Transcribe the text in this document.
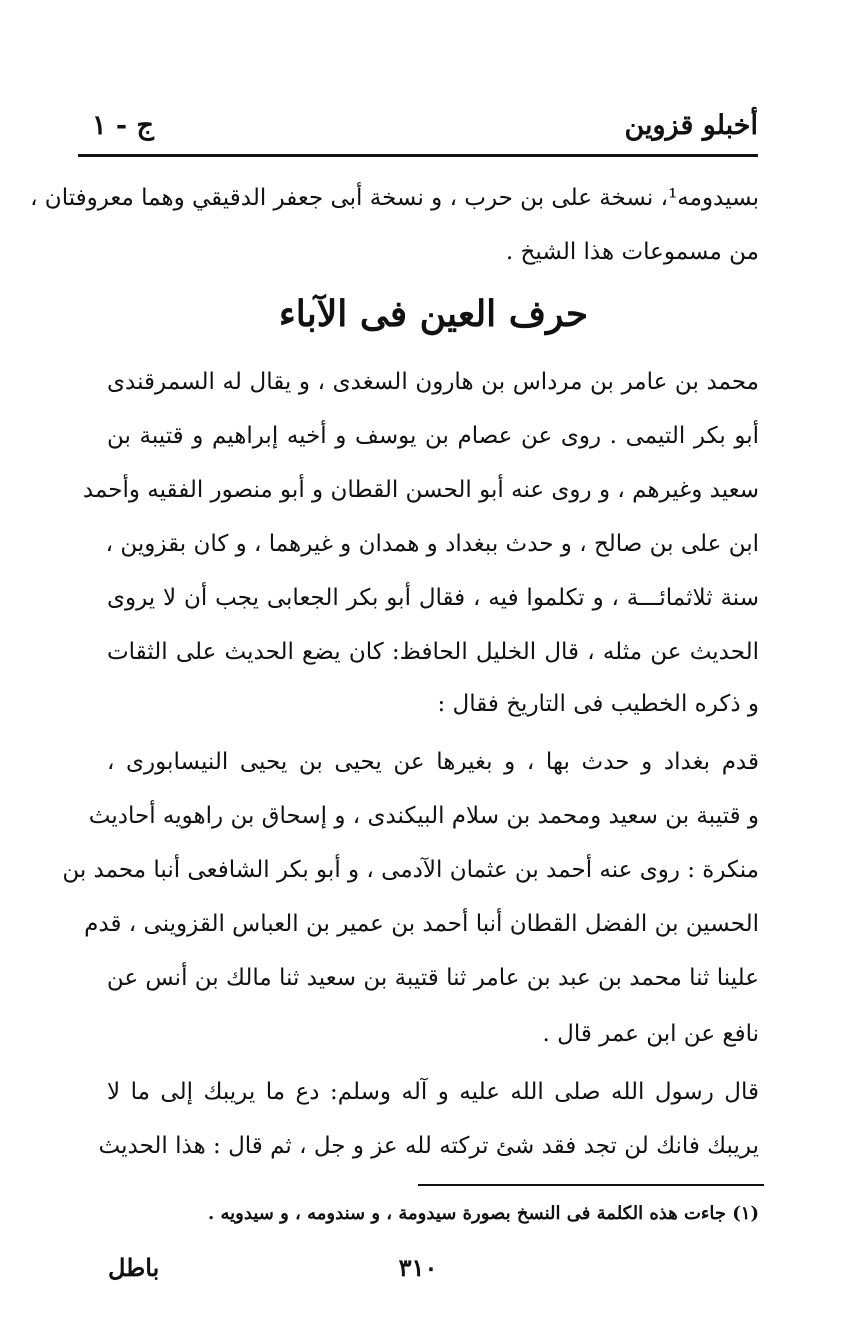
أخبلو قزوين
ج - ١
بسيدومه¹، نسخة على بن حرب ، و نسخة أبى جعفر الدقيقي وهما معروفتان ،
من مسموعات هذا الشيخ .
حرف العين فى الآباء
محمد بن عامر بن مرداس بن هارون السغدى ، و يقال له السمرقندى
أبو بكر التيمى . روى عن عصام بن يوسف و أخيه إبراهيم و قتيبة بن
سعيد وغيرهم ، و روى عنه أبو الحسن القطان و أبو منصور الفقيه وأحمد
ابن على بن صالح ، و حدث ببغداد و همدان و غيرهما ، و كان بقزوين ،
سنة ثلاثمائـــة ، و تكلموا فيه ، فقال أبو بكر الجعابى يجب أن لا يروى
الحديث عن مثله ، قال الخليل الحافظ: كان يضع الحديث على الثقات
و ذكره الخطيب فى التاريخ فقال :
قدم بغداد و حدث بها ، و بغيرها عن يحيى بن يحيى النيسابورى ،
و قتيبة بن سعيد ومحمد بن سلام البيكندى ، و إسحاق بن راهويه أحاديث
منكرة : روى عنه أحمد بن عثمان الآدمى ، و أبو بكر الشافعى أنبا محمد بن
الحسين بن الفضل القطان أنبا أحمد بن عمير بن العباس القزوينى ، قدم
علينا ثنا محمد بن عبد بن عامر ثنا قتيبة بن سعيد ثنا مالك بن أنس عن
نافع عن ابن عمر قال .
قال رسول الله صلى الله عليه و آله وسلم: دع ما يريبك إلى ما لا
يريبك فانك لن تجد فقد شئ تركته لله عز و جل ، ثم قال : هذا الحديث
(١) جاءت هذه الكلمة فى النسخ بصورة سيدومة ، و سندومه ، و سيدويه .
٣١٠
باطل
